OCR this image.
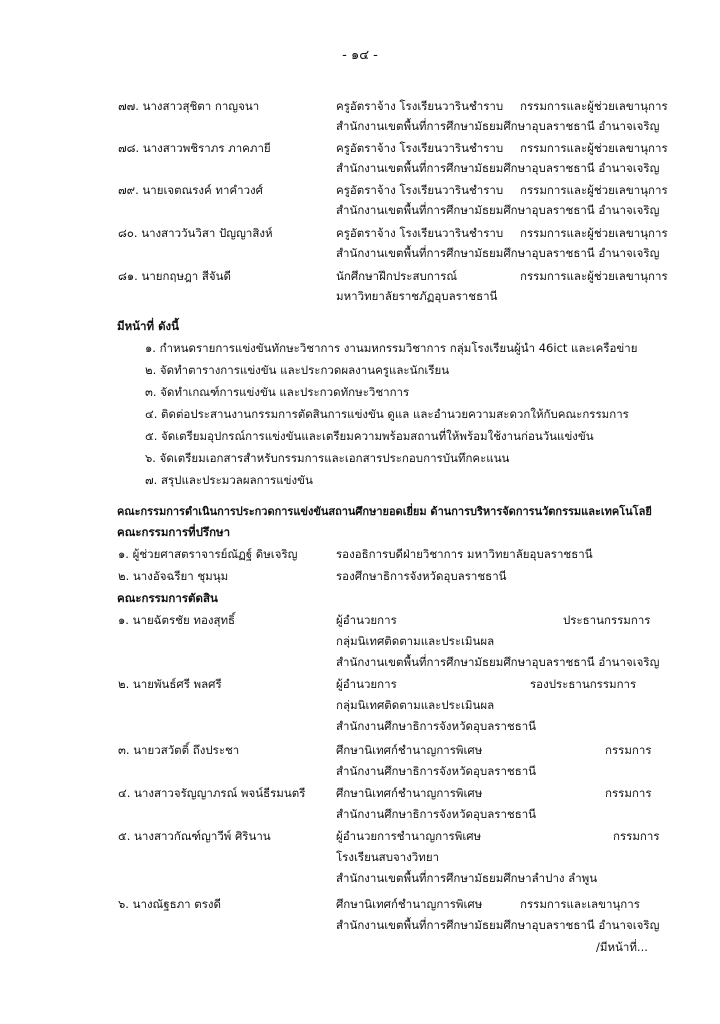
- ๑๔ -
๗๗. นางสาวสุชิตา กาญจนา	ครูอัตราจ้าง โรงเรียนวารินชำราบ กรรมการและผู้ช่วยเลขานุการ
สำนักงานเขตพื้นที่การศึกษามัธยมศึกษาอุบลราชธานี อำนาจเจริญ
๗๘. นางสาวพชิราภร ภาคภายี	ครูอัตราจ้าง โรงเรียนวารินชำราบ กรรมการและผู้ช่วยเลขานุการ
สำนักงานเขตพื้นที่การศึกษามัธยมศึกษาอุบลราชธานี อำนาจเจริญ
๗๙. นายเจตณรงค์ ทาคำวงศ์	ครูอัตราจ้าง โรงเรียนวารินชำราบ กรรมการและผู้ช่วยเลขานุการ
สำนักงานเขตพื้นที่การศึกษามัธยมศึกษาอุบลราชธานี อำนาจเจริญ
๘๐. นางสาววันวิสา ปัญญาสิงห์	ครูอัตราจ้าง โรงเรียนวารินชำราบ กรรมการและผู้ช่วยเลขานุการ
สำนักงานเขตพื้นที่การศึกษามัธยมศึกษาอุบลราชธานี อำนาจเจริญ
๘๑. นายกฤษฎา สีจันดี	นักศึกษาฝึกประสบการณ์	กรรมการและผู้ช่วยเลขานุการ
มหาวิทยาลัยราชภัฏอุบลราชธานี
มีหน้าที่ ดังนี้
๑. กำหนดรายการแข่งขันทักษะวิชาการ งานมหกรรมวิชาการ กลุ่มโรงเรียนผู้นำ 46ict และเครือข่าย
๒. จัดทำตารางการแข่งขัน และประกวดผลงานครูและนักเรียน
๓. จัดทำเกณฑ์การแข่งขัน และประกวดทักษะวิชาการ
๔. ติดต่อประสานงานกรรมการตัดสินการแข่งขัน ดูแล และอำนวยความสะดวกให้กับคณะกรรมการ
๕. จัดเตรียมอุปกรณ์การแข่งขันและเตรียมความพร้อมสถานที่ให้พร้อมใช้งานก่อนวันแข่งขัน
๖. จัดเตรียมเอกสารสำหรับกรรมการและเอกสารประกอบการบันทึกคะแนน
๗. สรุปและประมวลผลการแข่งขัน
คณะกรรมการดำเนินการประกวดการแข่งขันสถานศึกษายอดเยี่ยม ด้านการบริหารจัดการนวัตกรรมและเทคโนโลยี
คณะกรรมการที่ปรึกษา
๑. ผู้ช่วยศาสตราจารย์ณัฏฐ์ ดิษเจริญ	รองอธิการบดีฝ่ายวิชาการ มหาวิทยาลัยอุบลราชธานี
๒. นางอัจฉรียา ชุมนุม	รองศึกษาธิการจังหวัดอุบลราชธานี
คณะกรรมการตัดสิน
๑. นายฉัตรชัย ทองสุทธิ์	ผู้อำนวยการ	ประธานกรรมการ
กลุ่มนิเทศติดตามและประเมินผล
สำนักงานเขตพื้นที่การศึกษามัธยมศึกษาอุบลราชธานี อำนาจเจริญ
๒. นายพันธ์ศรี พลศรี	ผู้อำนวยการ	รองประธานกรรมการ
กลุ่มนิเทศติดตามและประเมินผล
สำนักงานศึกษาธิการจังหวัดอุบลราชธานี
๓. นายวสวัตติ์ ถึงประชา	ศึกษานิเทศก์ชำนาญการพิเศษ	กรรมการ
สำนักงานศึกษาธิการจังหวัดอุบลราชธานี
๔. นางสาวจรัญญาภรณ์ พจน์ธีรมนตรี	ศึกษานิเทศก์ชำนาญการพิเศษ	กรรมการ
สำนักงานศึกษาธิการจังหวัดอุบลราชธานี
๕. นางสาวกัณฑ์ญาวีพ์ ศิรินาน	ผู้อำนวยการชำนาญการพิเศษ	กรรมการ
โรงเรียนสบจางวิทยา
สำนักงานเขตพื้นที่การศึกษามัธยมศึกษาลำปาง ลำพูน
๖. นางณัฐธภา ตรงดี	ศึกษานิเทศก์ชำนาญการพิเศษ	กรรมการและเลขานุการ
สำนักงานเขตพื้นที่การศึกษามัธยมศึกษาอุบลราชธานี อำนาจเจริญ
/มีหน้าที่...
